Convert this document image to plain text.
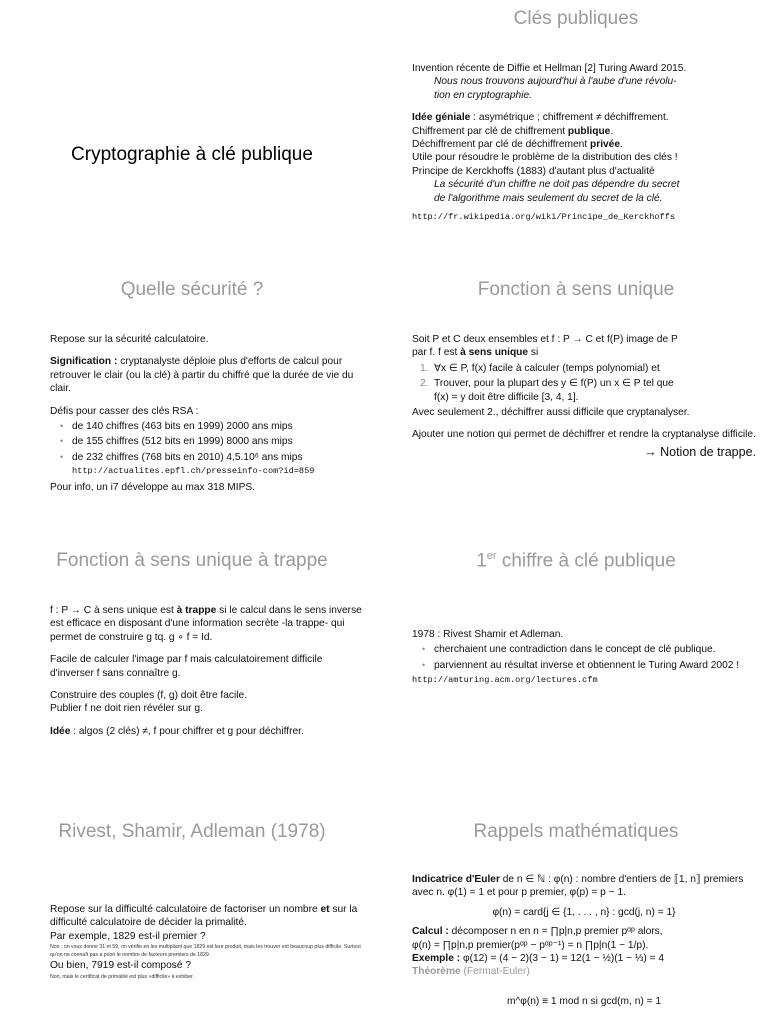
Cryptographie à clé publique
Clés publiques

Invention récente de Diffie et Hellman [2] Turing Award 2015.

Nous nous trouvons aujourd'hui à l'aube d'une révolu-

tion en cryptographie.

Idée géniale : asymétrique ; chiffrement ≠ déchiffrement.

Chiffrement par clé de chiffrement publique.

Déchiffrement par clé de déchiffrement privée.

Utile pour résoudre le problème de la distribution des clés !

Principe de Kerckhoffs (1883) d'autant plus d'actualité

La sécurité d'un chiffre ne doit pas dépendre du secret

de l'algorithme mais seulement du secret de la clé.

http://fr.wikipedia.org/wiki/Principe_de_Kerckhoffs

Quelle sécurité ?

Repose sur la sécurité calculatoire.

Signification : cryptanalyste déploie plus d'efforts de calcul pour retrouver le clair (ou la clé) à partir du chiffré que la durée de vie du clair.

Défis pour casser des clés RSA :

• de 140 chiffres (463 bits en 1999) 2000 ans mips
• de 155 chiffres (512 bits en 1999) 8000 ans mips
• de 232 chiffres (768 bits en 2010) 4,5.10⁶ ans mips
http://actualites.epfl.ch/presseinfo-com?id=859

Pour info, un i7 développe au max 318 MIPS.

Fonction à sens unique

Soit P et C deux ensembles et f : P → C et f(P) image de P

par f. f est à sens unique si

1. ∀x ∈ P, f(x) facile à calculer (temps polynomial) et
2. Trouver, pour la plupart des y ∈ f(P) un x ∈ P tel que
f(x) = y doit être difficile [3, 4, 1].

Avec seulement 2., déchiffrer aussi difficile que cryptanalyser.

Ajouter une notion qui permet de déchiffrer et rendre la cryptanalyse difficile.

→ Notion de trappe.

Fonction à sens unique à trappe

f : P → C à sens unique est à trappe si le calcul dans le sens inverse est efficace en disposant d'une information secrète -la trappe- qui permet de construire g tq. g ∘ f = Id.

Facile de calculer l'image par f mais calculatoirement difficile d'inverser f sans connaître g.

Construire des couples (f, g) doit être facile.

Publier f ne doit rien révéler sur g.

Idée : algos (2 clés) ≠, f pour chiffrer et g pour déchiffrer.

1er chiffre à clé publique

1978 : Rivest Shamir et Adleman.

• cherchaient une contradiction dans le concept de clé publique.
• parviennent au résultat inverse et obtiennent le Turing Award 2002 !

http://amturing.acm.org/lectures.cfm

Rivest, Shamir, Adleman (1978)

Repose sur la difficulté calculatoire de factoriser un nombre et sur la difficulté calculatoire de décider la primalité.

Par exemple, 1829 est-il premier ?

Non : on vous donne 31 et 59, on vérifie en les multipliant que 1829 est leur produit, mais les trouver est beaucoup plus difficile. Surtout qu'on ne connaît pas a priori le nombre de facteurs premiers de 1829.

Ou bien, 7919 est-il composé ?

Non, mais le certificat de primalité est plus «difficile» à exhiber.

Rappels mathématiques

Indicatrice d'Euler de n ∈ ℕ : φ(n) : nombre d'entiers de ⟦1, n⟧ premiers avec n. φ(1) = 1 et pour p premier, φ(p) = p − 1.

φ(n) = card{j ∈ {1, . . . , n} : gcd(j, n) = 1}

Calcul : décomposer n en n = ∏p|n,p premier pᵅᵖ alors,

φ(n) = ∏p|n,p premier(pᵅᵖ − pᵅᵖ⁻¹) = n ∏p|n(1 − 1/p).

Exemple : φ(12) = (4 − 2)(3 − 1) = 12(1 − ½)(1 − ⅓) = 4

Théorème (Fermat-Euler)

m^φ(n) ≡ 1 mod n si gcd(m, n) = 1
